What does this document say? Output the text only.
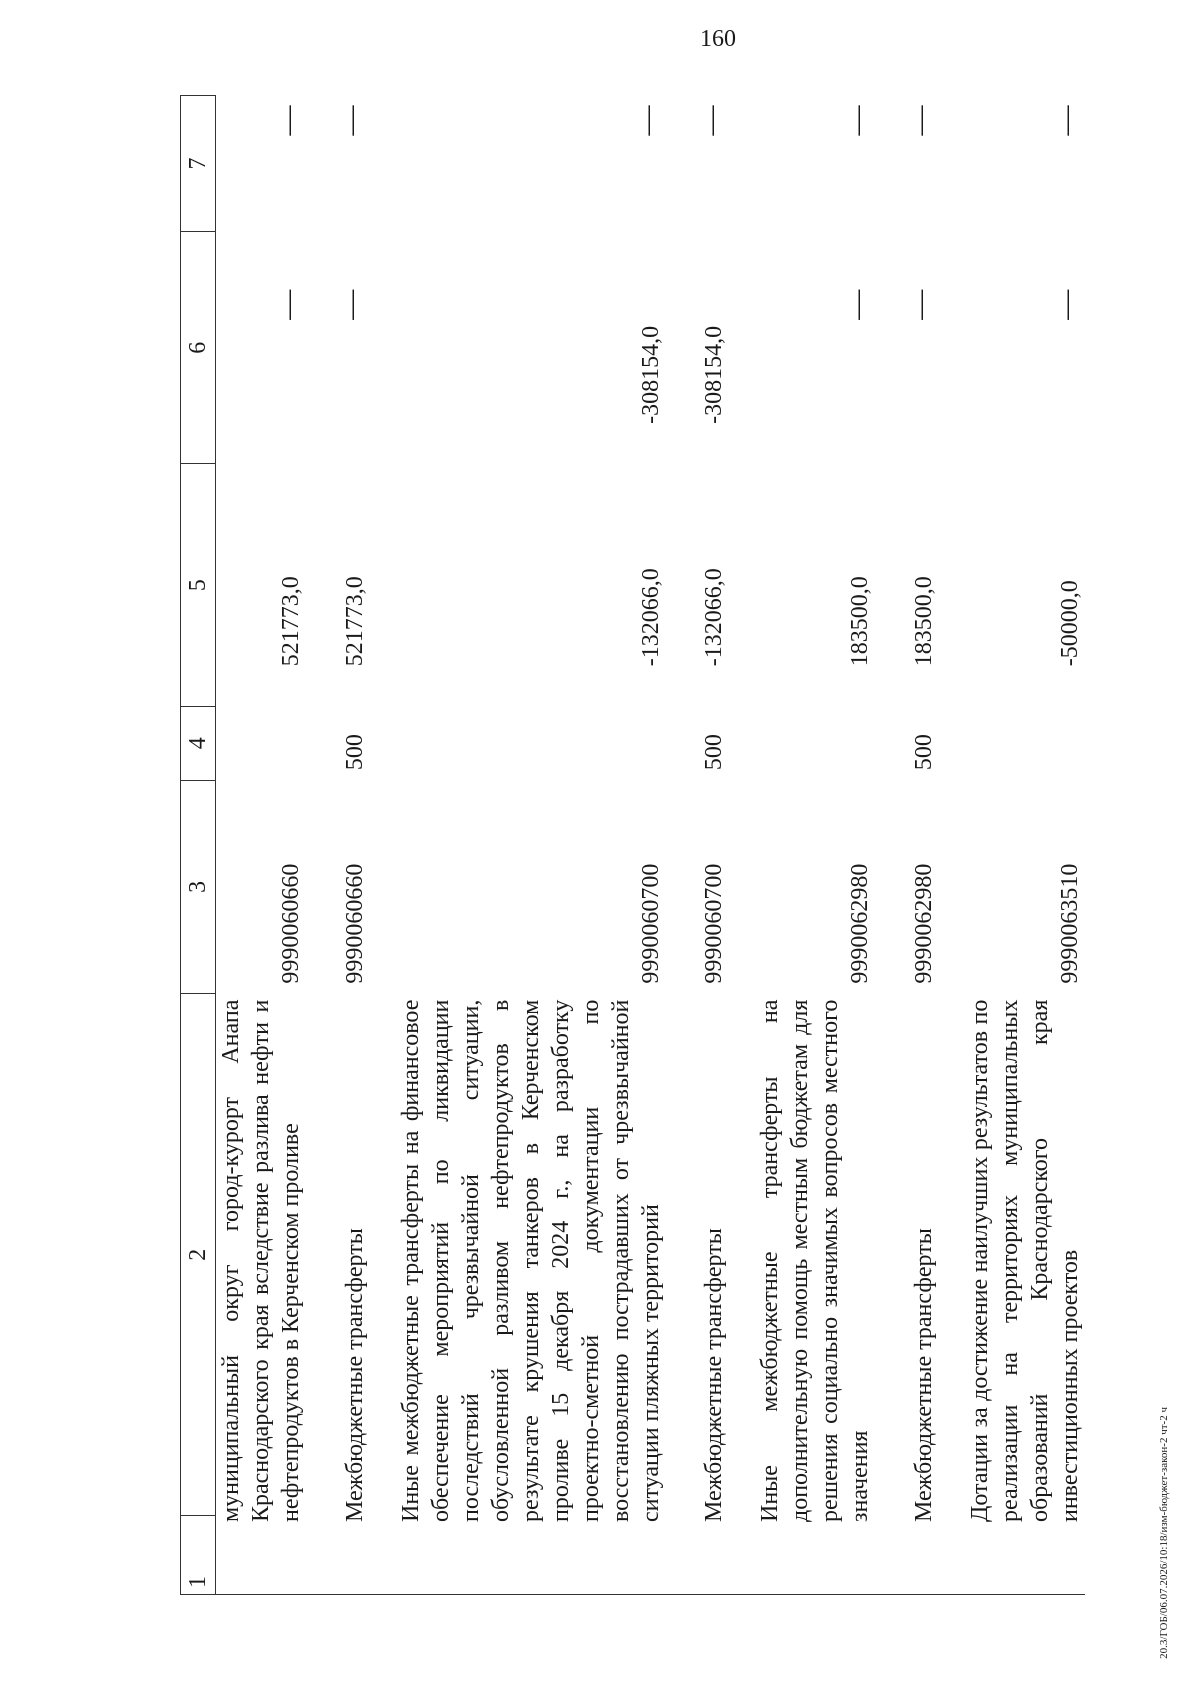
160
1	2	3	4	5	6	7
муниципальный округ город-курорт Анапа Краснодарского края вследствие разлива нефти и нефтепродуктов в Керченском проливе		9990060660		521773,0	—	—

Межбюджетные трансферты		9990060660	500	521773,0	—	—

Иные межбюджетные трансферты на финансовое обеспечение мероприятий по ликвидации последствий чрезвычайной ситуации, обусловленной разливом нефтепродуктов в результате крушения танкеров в Керченском проливе 15 декабря 2024 г., на разработку проектно-сметной документации по восстановлению пострадавших от чрезвычайной ситуации пляжных территорий		9990060700		-132066,0	-308154,0	—

Межбюджетные трансферты		9990060700	500	-132066,0	-308154,0	—

Иные межбюджетные трансферты на дополнительную помощь местным бюджетам для решения социально значимых вопросов местного значения		9990062980		183500,0	—	—

Межбюджетные трансферты		9990062980	500	183500,0	—	—

Дотации за достижение наилучших результатов по реализации на территориях муниципальных образований Краснодарского края инвестиционных проектов		9990063510		-50000,0	—	—
20.3/ГОБ/06.07.2026/10:18/изм-бюджет-закон-2 чт-2 ч
